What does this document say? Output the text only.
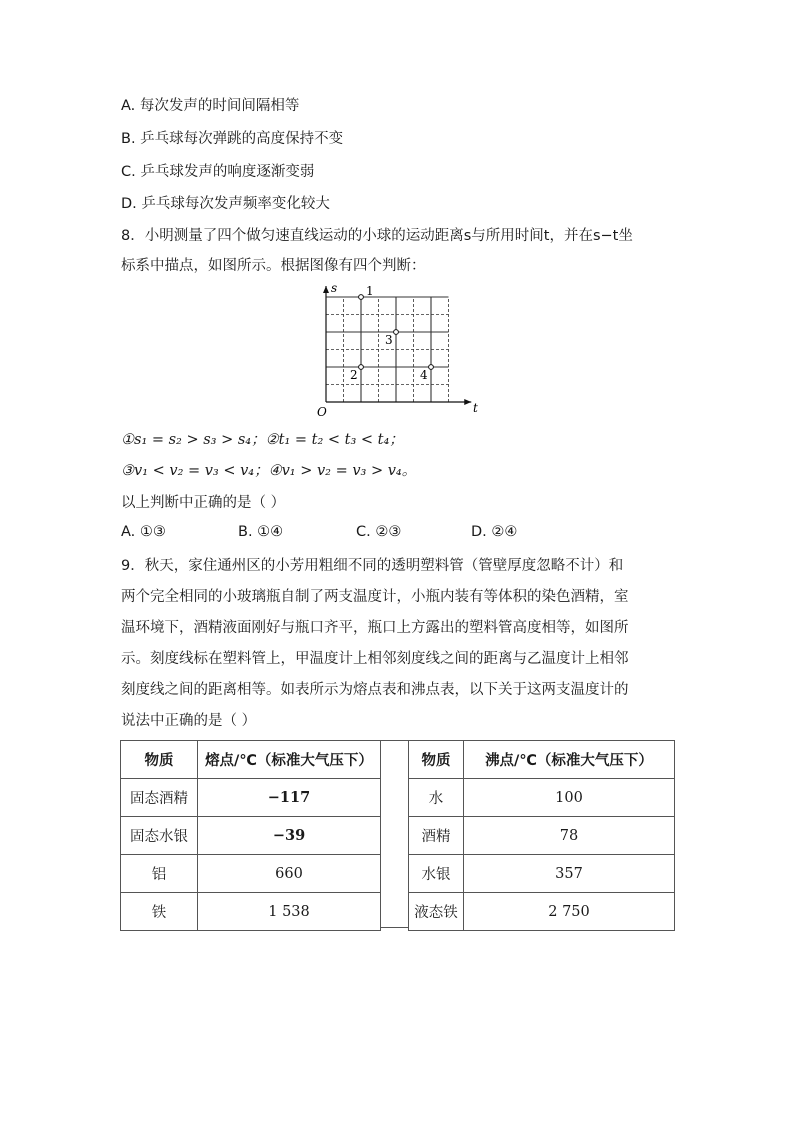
A. 每次发声的时间间隔相等
B. 乒乓球每次弹跳的高度保持不变
C. 乒乓球发声的响度逐渐变弱
D. 乒乓球每次发声频率变化较大
8．小明测量了四个做匀速直线运动的小球的运动距离s与所用时间t，并在s−t坐
标系中描点，如图所示。根据图像有四个判断：
t
s
O
1
2
3
4
①s₁ = s₂ > s₃ > s₄；②t₁ = t₂ < t₃ < t₄；
③v₁ < v₂ = v₃ < v₄；④v₁ > v₂ = v₃ > v₄。
以上判断中正确的是（ ）
A. ①③	B. ①④	C. ②③	D. ②④
9．秋天，家住通州区的小芳用粗细不同的透明塑料管（管壁厚度忽略不计）和
两个完全相同的小玻璃瓶自制了两支温度计，小瓶内装有等体积的染色酒精，室
温环境下，酒精液面刚好与瓶口齐平，瓶口上方露出的塑料管高度相等，如图所
示。刻度线标在塑料管上，甲温度计上相邻刻度线之间的距离与乙温度计上相邻
刻度线之间的距离相等。如表所示为熔点表和沸点表，以下关于这两支温度计的
说法中正确的是（ ）
物质	熔点/℃（标准大气压下）
固态酒精	−117
固态水银	−39
铝	660
铁	1 538
物质	沸点/℃（标准大气压下）
水	100
酒精	78
水银	357
液态铁	2 750
